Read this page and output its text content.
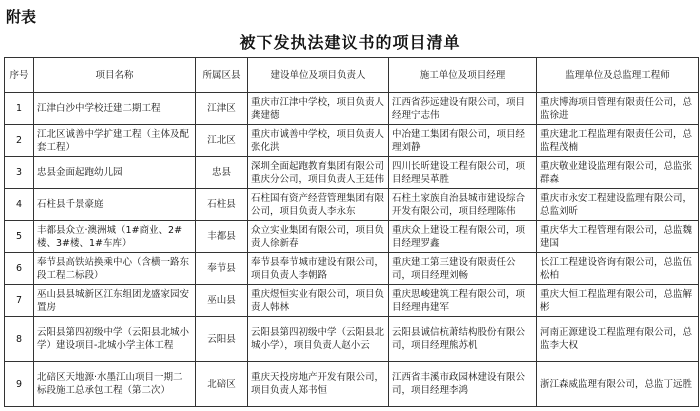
附表
被下发执法建议书的项目清单
序号	项目名称	所属区县	建设单位及项目负责人	施工单位及项目经理	监理单位及总监理工程师
1	江津白沙中学校迁建二期工程	江津区	重庆市江津中学校，项目负责人龚建德	江西省莎远建设有限公司，项目经理宁志伟	重庆博海项目管理有限责任公司，总监徐进
2	江北区诚善中学扩建工程（主体及配套工程）	江北区	重庆市诚善中学校，项目负责人张化洪	中冶建工集团有限公司，项目经理刘静	重庆建北工程监理有限责任公司，总监程茂楠
3	忠县金面起跑幼儿园	忠县	深圳全面起跑教育集团有限公司重庆分公司，项目负责人王廷伟	四川长昕建设工程有限公司，项目经理吴革胜	重庆敬业建设监理有限公司，总监张群森
4	石柱县千景豪庭	石柱县	石柱国有资产经营管理集团有限公司，项目负责人李永东	石柱土家族自治县城市建设综合开发有限公司，项目经理陈伟	重庆市永安工程建设监理有限公司，总监刘昕
5	丰都县众立·澳洲城（1#商业、2#楼、3#楼、1#车库）	丰都县	众立实业集团有限公司，项目负责人徐新春	重庆众上建设工程有限公司，项目经理罗鑫	重庆华大工程管理有限公司，总监魏建国
6	奉节县高铁站换乘中心（含横一路东段工程二标段）	奉节县	奉节县奉节城市建设有限公司，项目负责人李朝路	重庆建工第三建设有限责任公司，项目经理刘畅	长江工程建设咨询有限公司，总监伍松柏
7	巫山县县城新区江东组团龙盛家园安置房	巫山县	重庆煜恒实业有限公司，项目负责人韩林	重庆思峻建筑工程有限公司，项目经理冉建军	重庆大恒工程监理有限公司，总监解彬
8	云阳县第四初级中学（云阳县北城小学）建设项目-北城小学主体工程	云阳县	云阳县第四初级中学（云阳县北城小学），项目负责人赵小云	云阳县诚信杭萧结构股份有限公司，项目经理熊苏机	河南正源建设工程监理有限公司，总监李大权
9	北碚区天地源·水墨江山项目一期二标段施工总承包工程（第二次）	北碚区	重庆天投房地产开发有限公司，项目负责人郑书恒	江西省丰溪市政园林建设有限公司，项目经理李鸿	浙江森威监理有限公司，总监丁远胜
